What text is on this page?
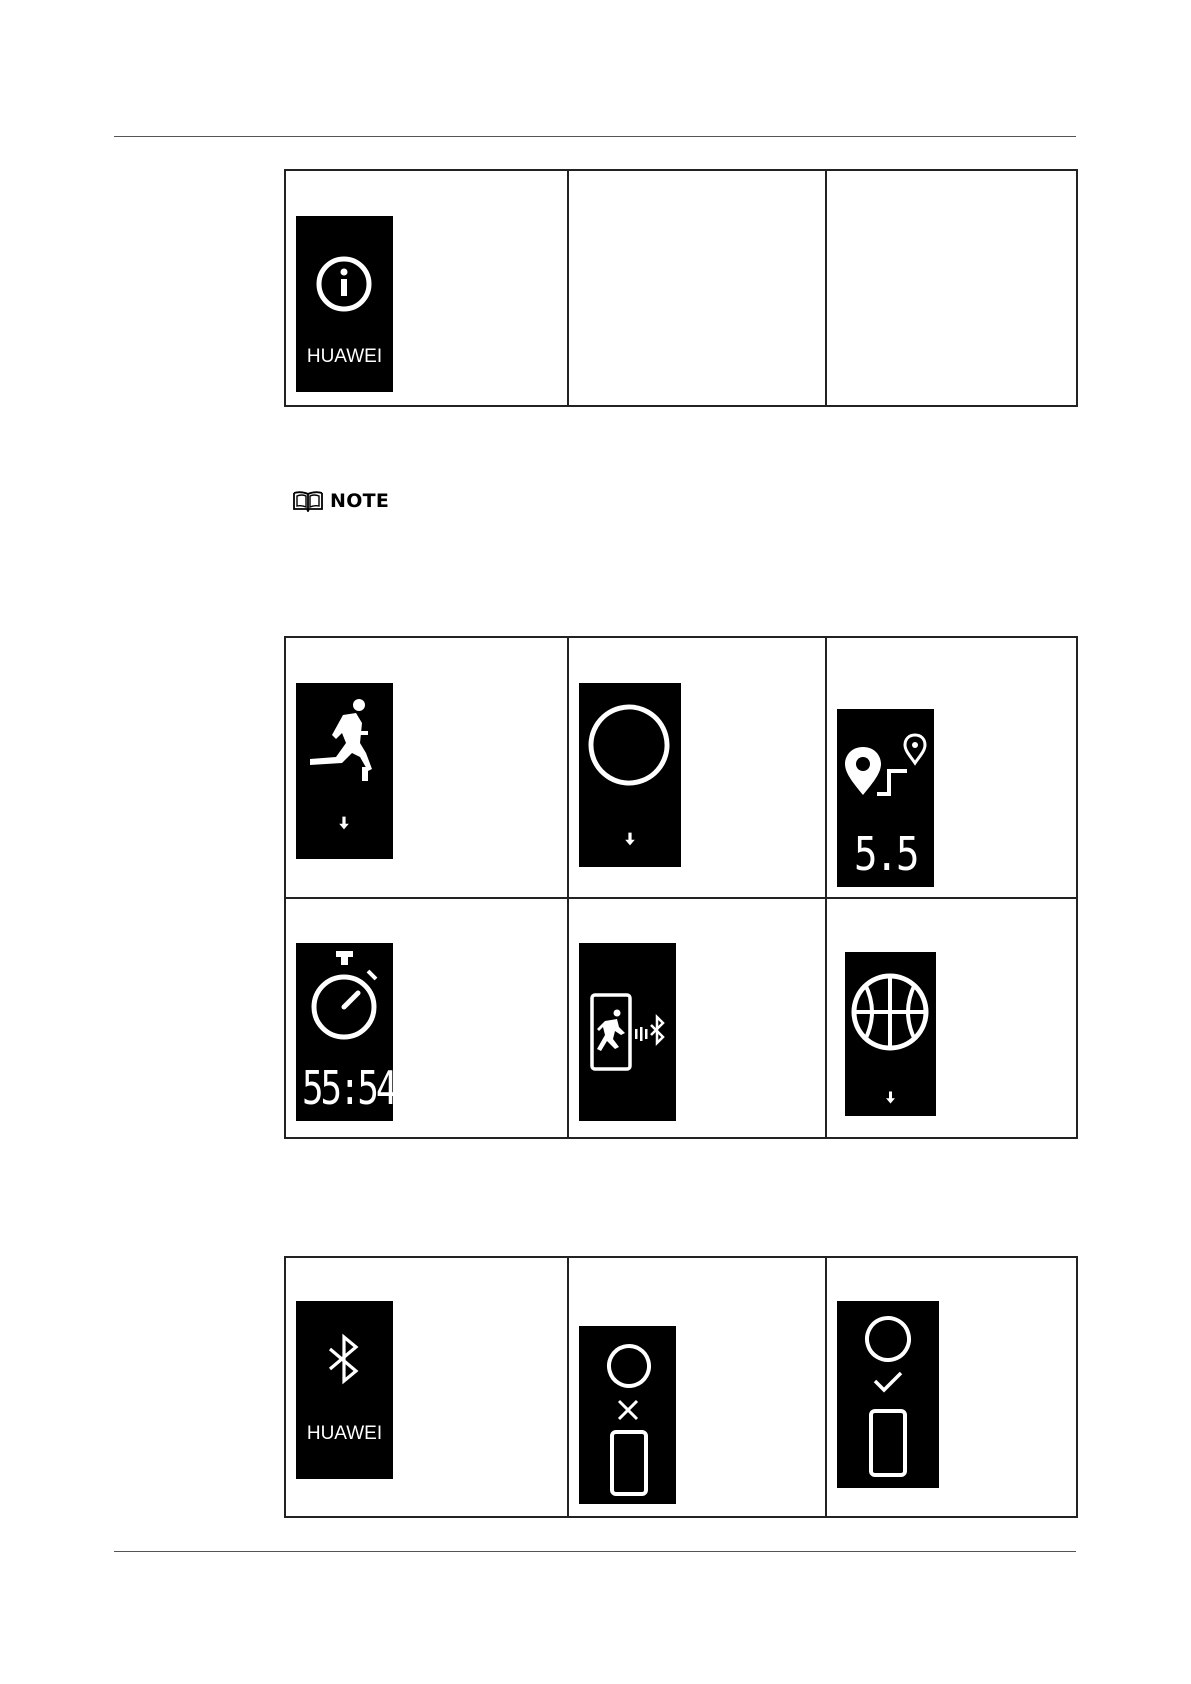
HUAWEI

NOTE

5.5

55:54

HUAWEI
